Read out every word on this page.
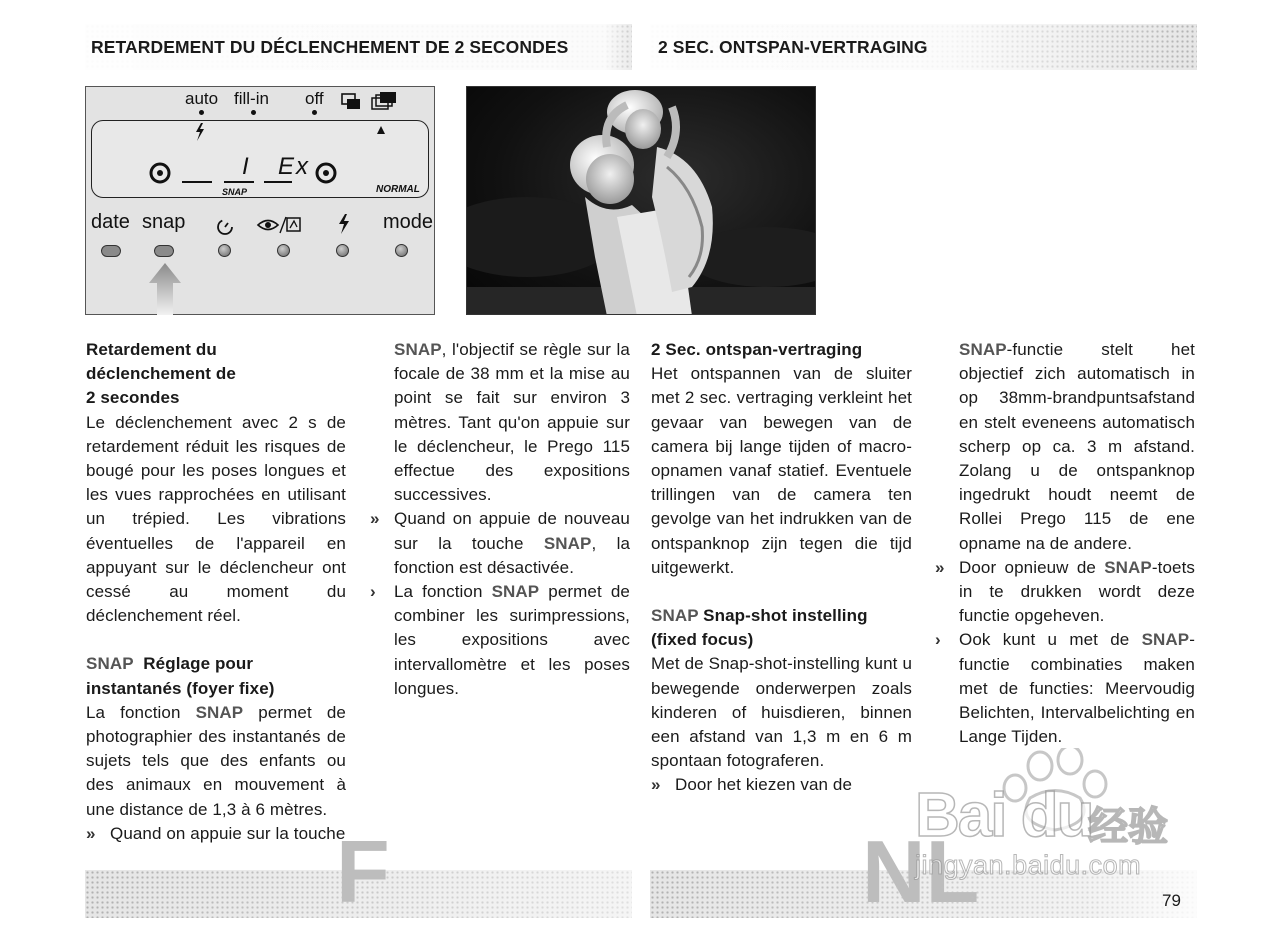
RETARDEMENT DU DÉCLENCHEMENT DE 2 SECONDES	2 SEC. ONTSPAN-VERTRAGING
auto fill-in off
I Ex
SNAP	NORMAL
date snap	mode

Retardement du
déclenchement de
2 secondes

Le déclenchement avec 2 s de retardement réduit les risques de bougé pour les poses longues et les vues rapprochées en utilisant un trépied. Les vibrations éventuelles de l'appareil en appuyant sur le déclencheur ont cessé au moment du déclenchement réel.

SNAP Réglage pour
instantanés (foyer fixe)

La fonction SNAP permet de photographier des instantanés de sujets tels que des enfants ou des animaux en mouvement à une distance de 1,3 à 6 mètres.

» Quand on appuie sur la touche

SNAP, l'objectif se règle sur la focale de 38 mm et la mise au point se fait sur environ 3 mètres. Tant qu'on appuie sur le déclencheur, le Prego 115 effectue des expositions successives.

» Quand on appuie de nouveau sur la touche SNAP, la fonction est désactivée.

› La fonction SNAP permet de combiner les surimpressions, les expositions avec intervallomètre et les poses longues.

2 Sec. ontspan-vertraging

Het ontspannen van de sluiter met 2 sec. vertraging verkleint het gevaar van bewegen van de camera bij lange tijden of macro-opnamen vanaf statief. Eventuele trillingen van de camera ten gevolge van het indrukken van de ontspanknop zijn tegen die tijd uitgewerkt.

SNAP Snap-shot instelling
(fixed focus)

Met de Snap-shot-instelling kunt u bewegende onderwerpen zoals kinderen of huisdieren, binnen een afstand van 1,3 m en 6 m spontaan fotograferen.

» Door het kiezen van de

SNAP-functie stelt het objectief zich automatisch in op 38mm-brandpuntsafstand en stelt eveneens automatisch scherp op ca. 3 m afstand. Zolang u de ontspanknop ingedrukt houdt neemt de Rollei Prego 115 de ene opname na de andere.

» Door opnieuw de SNAP-toets in te drukken wordt deze functie opgeheven.

› Ook kunt u met de SNAP-functie combinaties maken met de functies: Meervoudig Belichten, Intervalbelichting en Lange Tijden.

F	NL	79
Bai du
经验
jingyan.baidu.com
